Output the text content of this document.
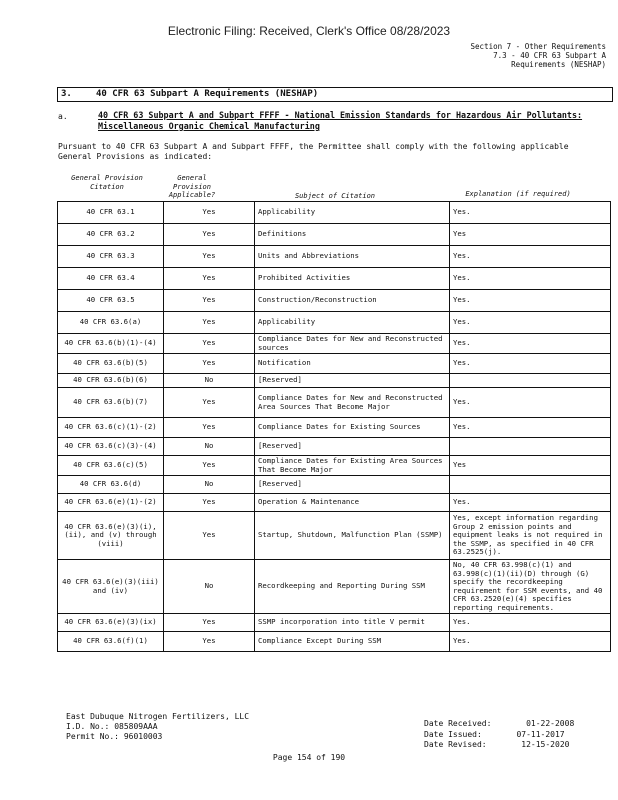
Electronic Filing: Received, Clerk's Office 08/28/2023
Section 7 - Other Requirements
7.3 - 40 CFR 63 Subpart A
Requirements (NESHAP)
3.	40 CFR 63 Subpart A Requirements (NESHAP)
a.	40 CFR 63 Subpart A and Subpart FFFF - National Emission Standards for Hazardous Air Pollutants: Miscellaneous Organic Chemical Manufacturing
Pursuant to 40 CFR 63 Subpart A and Subpart FFFF, the Permittee shall comply with the following applicable General Provisions as indicated:
General Provision Citation
General Provision Applicable?	Subject of Citation	Explanation (if required)
40 CFR 63.1	Yes	Applicability	Yes.
40 CFR 63.2	Yes	Definitions	Yes
40 CFR 63.3	Yes	Units and Abbreviations	Yes.
40 CFR 63.4	Yes	Prohibited Activities	Yes.
40 CFR 63.5	Yes	Construction/Reconstruction	Yes.
40 CFR 63.6(a)	Yes	Applicability	Yes.
40 CFR 63.6(b)(1)-(4)	Yes	Compliance Dates for New and Reconstructed sources	Yes.
40 CFR 63.6(b)(5)	Yes	Notification	Yes.
40 CFR 63.6(b)(6)	No	[Reserved]	
40 CFR 63.6(b)(7)	Yes	Compliance Dates for New and Reconstructed Area Sources That Become Major	Yes.
40 CFR 63.6(c)(1)-(2)	Yes	Compliance Dates for Existing Sources	Yes.
40 CFR 63.6(c)(3)-(4)	No	[Reserved]	
40 CFR 63.6(c)(5)	Yes	Compliance Dates for Existing Area Sources That Become Major	Yes
40 CFR 63.6(d)	No	[Reserved]	
40 CFR 63.6(e)(1)-(2)	Yes	Operation & Maintenance	Yes.
40 CFR 63.6(e)(3)(i), (ii), and (v) through (viii)	Yes	Startup, Shutdown, Malfunction Plan (SSMP)	Yes, except information regarding Group 2 emission points and equipment leaks is not required in the SSMP, as specified in 40 CFR 63.2525(j).
40 CFR 63.6(e)(3)(iii) and (iv)	No	Recordkeeping and Reporting During SSM	No, 40 CFR 63.998(c)(1) and 63.998(c)(1)(ii)(D) through (G) specify the recordkeeping requirement for SSM events, and 40 CFR 63.2520(e)(4) specifies reporting requirements.
40 CFR 63.6(e)(3)(ix)	Yes	SSMP incorporation into title V permit	Yes.
40 CFR 63.6(f)(1)	Yes	Compliance Except During SSM	Yes.
East Dubuque Nitrogen Fertilizers, LLC
I.D. No.: 085809AAA
Permit No.: 96010003
Date Received:	01-22-2008
Date Issued:	07-11-2017
Date Revised:	12-15-2020
Page 154 of 190
